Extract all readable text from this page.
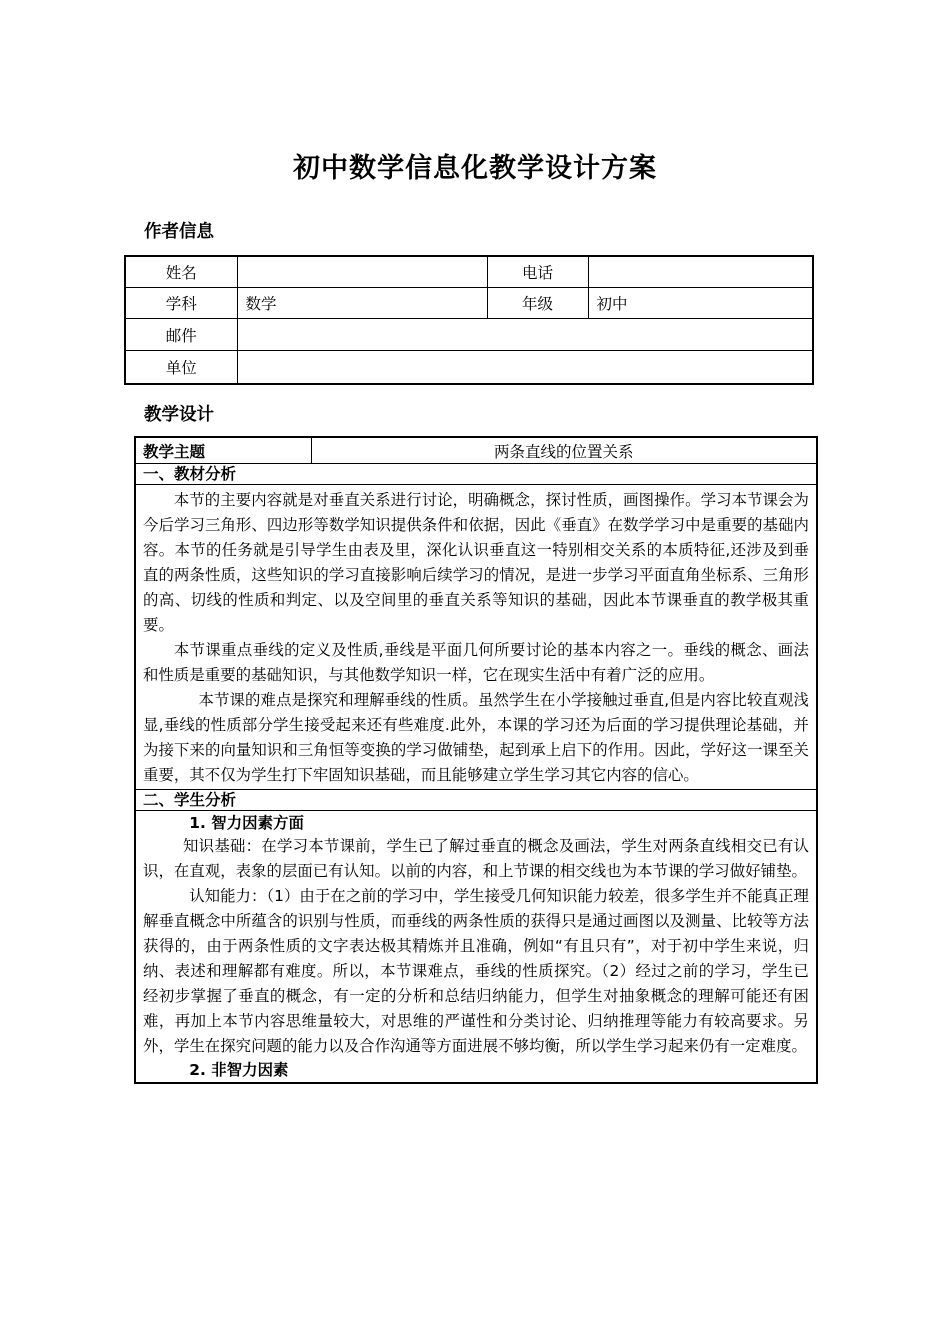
初中数学信息化教学设计方案
作者信息
姓名		电话	
学科	数学	年级	初中
邮件			
单位			
教学设计
教学主题	两条直线的位置关系
一、教材分析

本节的主要内容就是对垂直关系进行讨论，明确概念，探讨性质，画图操作。学习本节课会为今后学习三角形、四边形等数学知识提供条件和依据，因此《垂直》在数学学习中是重要的基础内容。本节的任务就是引导学生由表及里，深化认识垂直这一特别相交关系的本质特征,还涉及到垂直的两条性质，这些知识的学习直接影响后续学习的情况，是进一步学习平面直角坐标系、三角形的高、切线的性质和判定、以及空间里的垂直关系等知识的基础，因此本节课垂直的教学极其重要。

本节课重点垂线的定义及性质,垂线是平面几何所要讨论的基本内容之一。垂线的概念、画法和性质是重要的基础知识，与其他数学知识一样，它在现实生活中有着广泛的应用。

本节课的难点是探究和理解垂线的性质。虽然学生在小学接触过垂直,但是内容比较直观浅显,垂线的性质部分学生接受起来还有些难度.此外，本课的学习还为后面的学习提供理论基础，并为接下来的向量知识和三角恒等变换的学习做铺垫，起到承上启下的作用。因此，学好这一课至关重要，其不仅为学生打下牢固知识基础，而且能够建立学生学习其它内容的信心。

二、学生分析

1. 智力因素方面

知识基础：在学习本节课前，学生已了解过垂直的概念及画法，学生对两条直线相交已有认识，在直观，表象的层面已有认知。以前的内容，和上节课的相交线也为本节课的学习做好铺垫。

认知能力：（1）由于在之前的学习中，学生接受几何知识能力较差，很多学生并不能真正理解垂直概念中所蕴含的识别与性质，而垂线的两条性质的获得只是通过画图以及测量、比较等方法获得的，由于两条性质的文字表达极其精炼并且准确，例如“有且只有”，对于初中学生来说，归纳、表述和理解都有难度。所以，本节课难点，垂线的性质探究。（2）经过之前的学习，学生已经初步掌握了垂直的概念，有一定的分析和总结归纳能力，但学生对抽象概念的理解可能还有困难，再加上本节内容思维量较大，对思维的严谨性和分类讨论、归纳推理等能力有较高要求。另外，学生在探究问题的能力以及合作沟通等方面进展不够均衡，所以学生学习起来仍有一定难度。

2. 非智力因素
